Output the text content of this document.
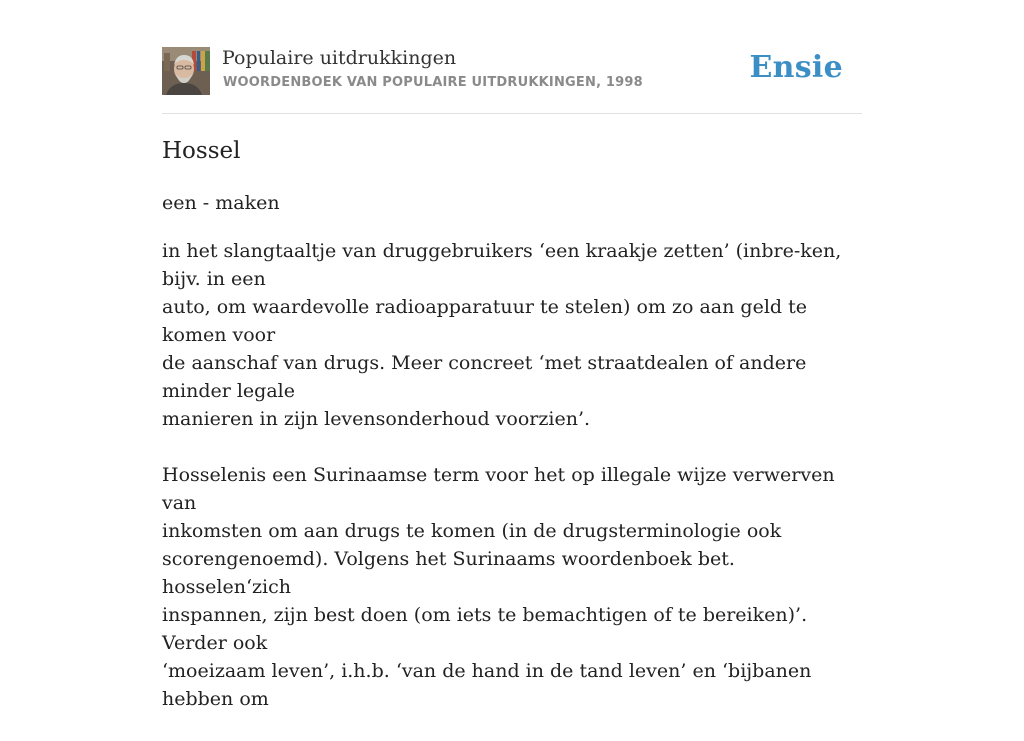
Populaire uitdrukkingen
WOORDENBOEK VAN POPULAIRE UITDRUKKINGEN, 1998	Ensie
Hossel
een - maken

in het slangtaaltje van druggebruikers ‘een kraakje zetten’ (inbre-ken, bijv. in een
auto, om waardevolle radioapparatuur te stelen) om zo aan geld te komen voor
de aanschaf van drugs. Meer concreet ‘met straatdealen of andere minder legale
manieren in zijn levensonderhoud voorzien’.

Hosselenis een Surinaamse term voor het op illegale wijze verwerven van
inkomsten om aan drugs te komen (in de drugsterminologie ook
scorengenoemd). Volgens het Surinaams woordenboek bet. hosselen‘zich
inspannen, zijn best doen (om iets te bemachtigen of te bereiken)’. Verder ook
‘moeizaam leven’, i.h.b. ‘van de hand in de tand leven’ en ‘bijbanen hebben om
